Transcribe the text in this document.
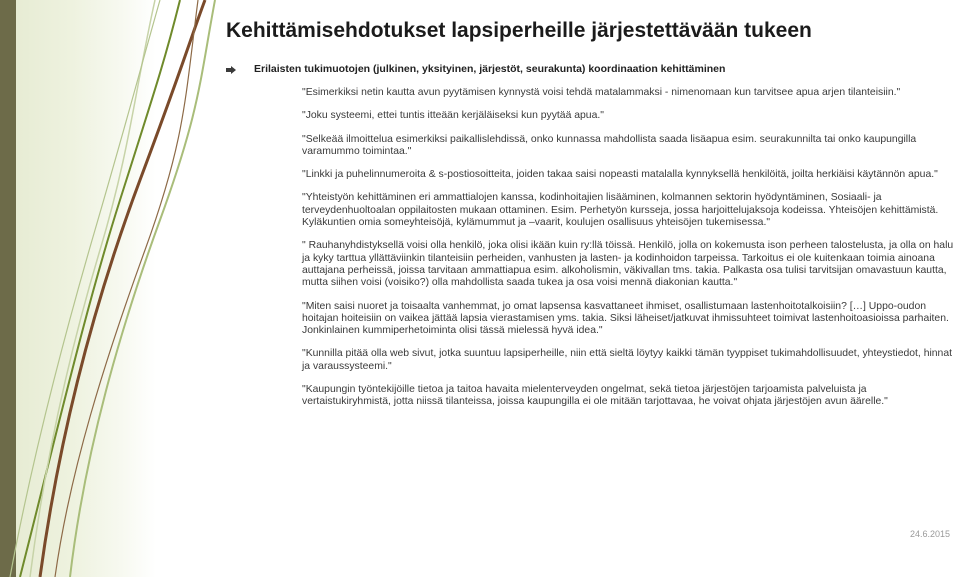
Kehittämisehdotukset lapsiperheille järjestettävään tukeen
Erilaisten tukimuotojen (julkinen, yksityinen, järjestöt, seurakunta) koordinaation kehittäminen

"Esimerkiksi netin kautta avun pyytämisen kynnystä voisi tehdä matalammaksi - nimenomaan kun tarvitsee apua arjen tilanteisiin."

"Joku systeemi, ettei tuntis itteään kerjäläiseksi kun pyytää apua."

"Selkeää ilmoittelua esimerkiksi paikallislehdissä, onko kunnassa mahdollista saada lisäapua esim. seurakunnilta tai onko kaupungilla varamummo toimintaa."

"Linkki ja puhelinnumeroita & s-postiosoitteita, joiden takaa saisi nopeasti matalalla kynnyksellä henkilöitä, joilta herkiäisi käytännön apua."

"Yhteistyön kehittäminen eri ammattialojen kanssa, kodinhoitajien lisääminen, kolmannen sektorin hyödyntäminen, Sosiaali- ja terveydenhuoltoalan oppilaitosten mukaan ottaminen. Esim. Perhetyön kursseja, jossa harjoittelujaksoja kodeissa. Yhteisöjen kehittämistä. Kyläkuntien omia someyhteisöjä, kylämummut ja –vaarit, koulujen osallisuus yhteisöjen tukemisessa."

" Rauhanyhdistyksellä voisi olla henkilö, joka olisi ikään kuin ry:llä töissä. Henkilö, jolla on kokemusta ison perheen talostelusta, ja olla on halu ja kyky tarttua yllättäviinkin tilanteisiin perheiden, vanhusten ja lasten- ja kodinhoidon tarpeissa. Tarkoitus ei ole kuitenkaan toimia ainoana auttajana perheissä, joissa tarvitaan ammattiapua esim. alkoholismin, väkivallan tms. takia. Palkasta osa tulisi tarvitsijan omavastuun kautta, mutta siihen voisi (voisiko?) olla mahdollista saada tukea ja osa voisi mennä diakonian kautta."

"Miten saisi nuoret ja toisaalta vanhemmat, jo omat lapsensa kasvattaneet ihmiset, osallistumaan lastenhoitotalkoisiin? […] Uppo-oudon hoitajan hoiteisiin on vaikea jättää lapsia vierastamisen yms. takia. Siksi läheiset/jatkuvat ihmissuhteet toimivat lastenhoitoasioissa parhaiten. Jonkinlainen kummiperhetoiminta olisi tässä mielessä hyvä idea."

"Kunnilla pitää olla web sivut, jotka suuntuu lapsiperheille, niin että sieltä löytyy kaikki tämän tyyppiset tukimahdollisuudet, yhteystiedot, hinnat ja varaussysteemi."

"Kaupungin työntekijöille tietoa ja taitoa havaita mielenterveyden ongelmat, sekä tietoa järjestöjen tarjoamista palveluista ja vertaistukiryhmistä, jotta niissä tilanteissa, joissa kaupungilla ei ole mitään tarjottavaa, he voivat ohjata järjestöjen avun äärelle."

24.6.2015
